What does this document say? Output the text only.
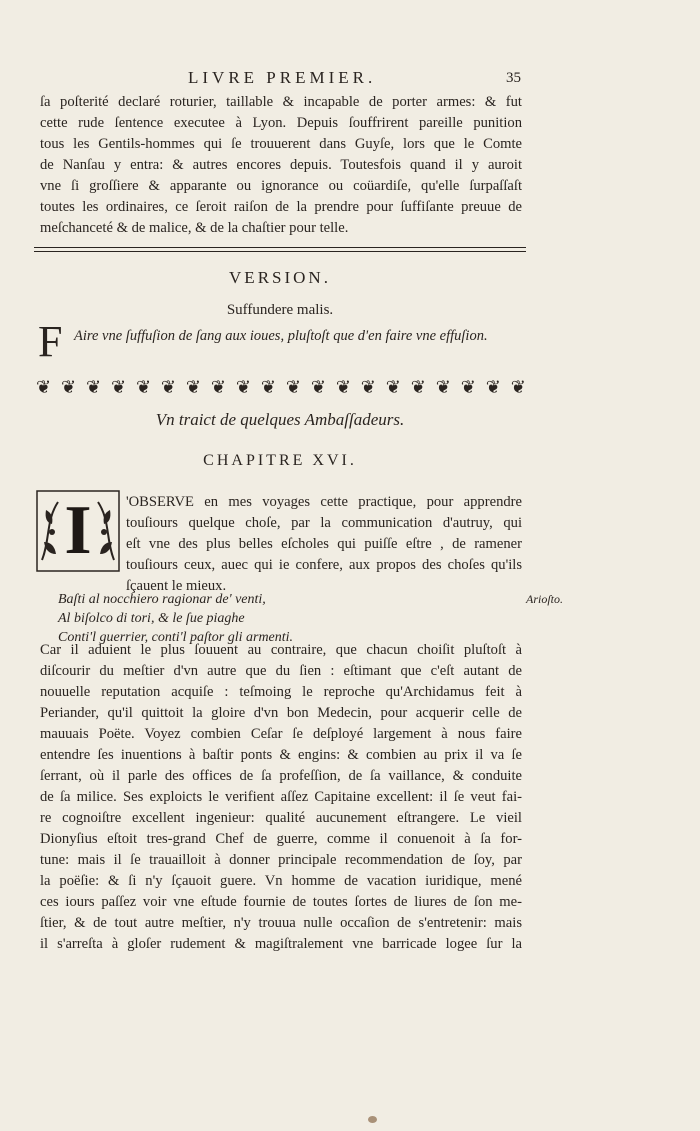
LIVRE PREMIER.	35
ſa poſterité declaré roturier, taillable & incapable de porter armes: & fut
cette rude ſentence executee à Lyon. Depuis ſouffrirent pareille punition
tous les Gentils-hommes qui ſe trouuerent dans Guyſe, lors que le Comte
de Nanſau y entra: & autres encores depuis. Toutesfois quand il y auroit
vne ſi groſſiere & apparante ou ignorance ou coüardiſe, qu'elle ſurpaſſaſt
toutes les ordinaires, ce ſeroit raiſon de la prendre pour ſuffiſante preuue de
meſchanceté & de malice, & de la chaſtier pour telle.
VERSION.
Suffundere malis.
F Aire vne ſuffuſion de ſang aux ioues, pluſtoſt que d'en faire vne effuſion.
❦ ❦ ❦ ❦ ❦ ❦ ❦ ❦ ❦ ❦ ❦ ❦ ❦ ❦ ❦ ❦ ❦ ❦ ❦ ❦
Vn traict de quelques Ambaſſadeurs.
CHAPITRE XVI.
I	'OBSERVE en mes voyages cette practique, pour apprendre
touſiours quelque choſe, par la communication d'autruy, qui
eſt vne des plus belles eſcholes qui puiſſe eſtre , de ramener
touſiours ceux, auec qui ie confere, aux propos des choſes qu'ils
ſçauent le mieux.
Baſti al nocchiero ragionar de' venti,
Al biſolco di tori, & le ſue piaghe
Conti'l guerrier, conti'l paſtor gli armenti.
Arioſto.
Car il aduient le plus ſouuent au contraire, que chacun choiſit pluſtoſt à
diſcourir du meſtier d'vn autre que du ſien : eſtimant que c'eſt autant de
nouuelle reputation acquiſe : teſmoing le reproche qu'Archidamus feit à
Periander, qu'il quittoit la gloire d'vn bon Medecin, pour acquerir celle de
mauuais Poëte. Voyez combien Ceſar ſe deſployé largement à nous faire
entendre ſes inuentions à baſtir ponts & engins: & combien au prix il va ſe
ſerrant, où il parle des offices de ſa profeſſion, de ſa vaillance, & conduite
de ſa milice. Ses exploicts le verifient aſſez Capitaine excellent: il ſe veut fai-
re cognoiſtre excellent ingenieur: qualité aucunement eſtrangere. Le vieil
Dionyſius eſtoit tres-grand Chef de guerre, comme il conuenoit à ſa for-
tune: mais il ſe trauailloit à donner principale recommendation de ſoy, par
la poëſie: & ſi n'y ſçauoit guere. Vn homme de vacation iuridique, mené
ces iours paſſez voir vne eſtude fournie de toutes ſortes de liures de ſon me-
ſtier, & de tout autre meſtier, n'y trouua nulle occaſion de s'entretenir: mais
il s'arreſta à gloſer rudement & magiſtralement vne barricade logee ſur la
